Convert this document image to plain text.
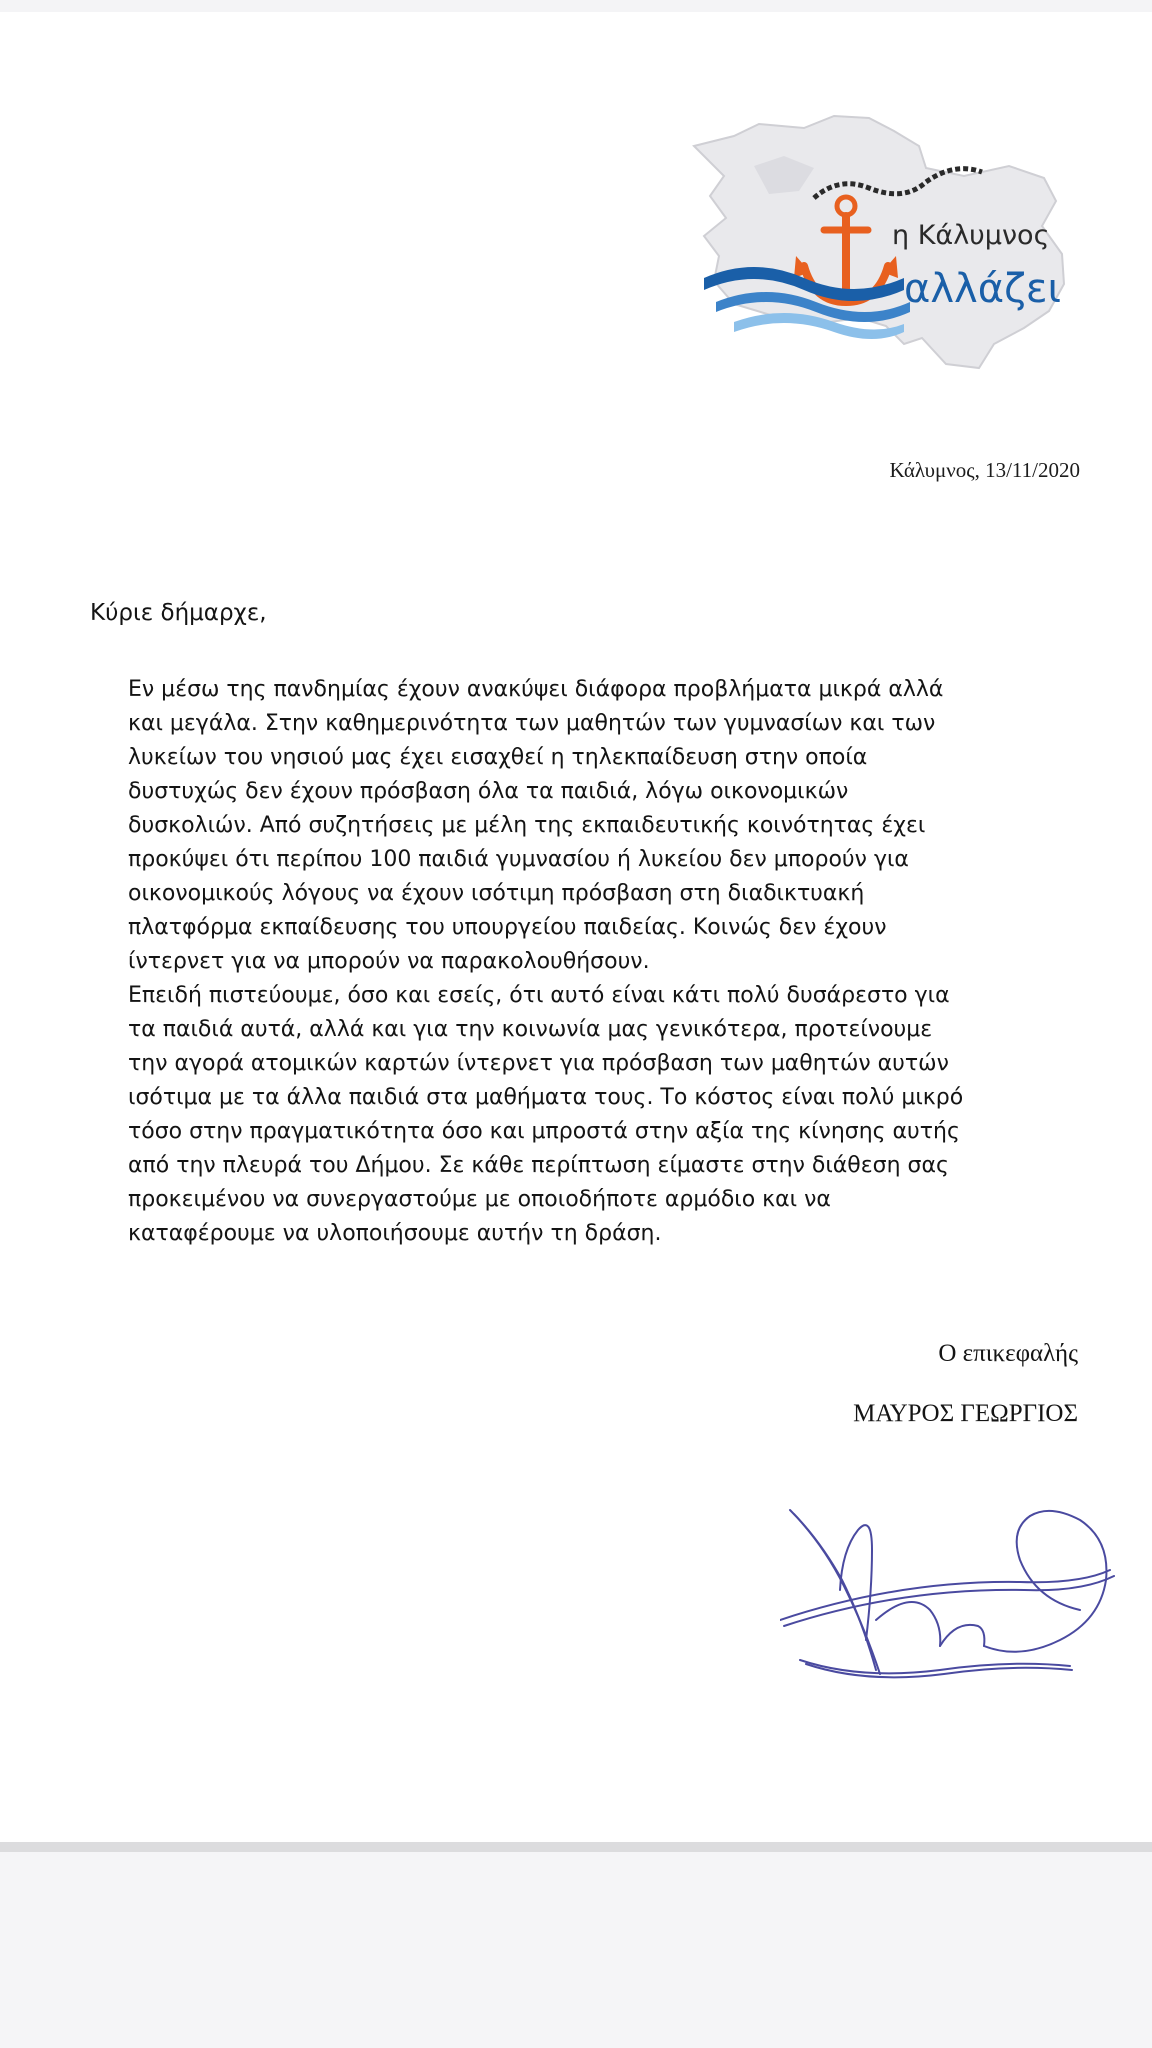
η Κάλυμνος
αλλάζει
Κάλυμνος, 13/11/2020
Κύριε δήμαρχε,
Εν μέσω της πανδημίας έχουν ανακύψει διάφορα προβλήματα μικρά αλλά
και μεγάλα. Στην καθημερινότητα των μαθητών των γυμνασίων και των
λυκείων του νησιού μας έχει εισαχθεί η τηλεκπαίδευση στην οποία
δυστυχώς δεν έχουν πρόσβαση όλα τα παιδιά, λόγω οικονομικών
δυσκολιών. Από συζητήσεις με μέλη της εκπαιδευτικής κοινότητας έχει
προκύψει ότι περίπου 100 παιδιά γυμνασίου ή λυκείου δεν μπορούν για
οικονομικούς λόγους να έχουν ισότιμη πρόσβαση στη διαδικτυακή
πλατφόρμα εκπαίδευσης του υπουργείου παιδείας. Κοινώς δεν έχουν
ίντερνετ για να μπορούν να παρακολουθήσουν.
Επειδή πιστεύουμε, όσο και εσείς, ότι αυτό είναι κάτι πολύ δυσάρεστο για
τα παιδιά αυτά, αλλά και για την κοινωνία μας γενικότερα, προτείνουμε
την αγορά ατομικών καρτών ίντερνετ για πρόσβαση των μαθητών αυτών
ισότιμα με τα άλλα παιδιά στα μαθήματα τους. Το κόστος είναι πολύ μικρό
τόσο στην πραγματικότητα όσο και μπροστά στην αξία της κίνησης αυτής
από την πλευρά του Δήμου. Σε κάθε περίπτωση είμαστε στην διάθεση σας
προκειμένου να συνεργαστούμε με οποιοδήποτε αρμόδιο και να
καταφέρουμε να υλοποιήσουμε αυτήν τη δράση.
Ο επικεφαλής
ΜΑΥΡΟΣ ΓΕΩΡΓΙΟΣ
